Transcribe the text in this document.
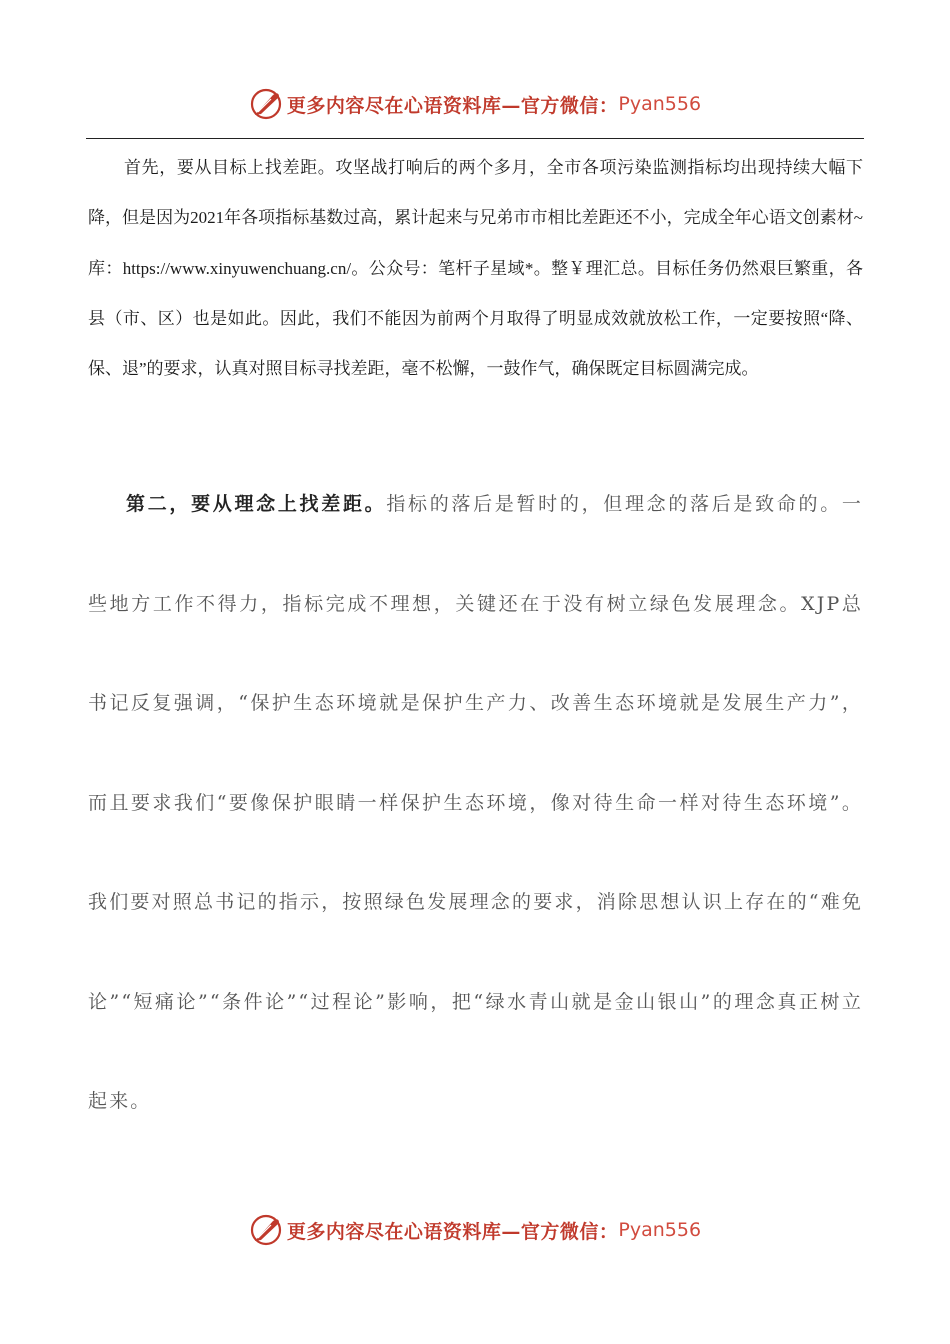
更多内容尽在心语资料库—官方微信： Pyan556

首先，要从目标上找差距。攻坚战打响后的两个多月，全市各项污染监测指标均出现持续大幅下降，但是因为2021年各项指标基数过高，累计起来与兄弟市市相比差距还不小，完成全年心语文创素材~库：https://www.xinyuwenchuang.cn/。公众号：笔杆子星域*。整￥理汇总。目标任务仍然艰巨繁重，各县（市、区）也是如此。因此，我们不能因为前两个月取得了明显成效就放松工作，一定要按照“降、保、退”的要求，认真对照目标寻找差距，毫不松懈，一鼓作气，确保既定目标圆满完成。

第二，要从理念上找差距。指标的落后是暂时的，但理念的落后是致命的。一些地方工作不得力，指标完成不理想，关键还在于没有树立绿色发展理念。XJP总书记反复强调，“保护生态环境就是保护生产力、改善生态环境就是发展生产力”，而且要求我们“要像保护眼睛一样保护生态环境，像对待生命一样对待生态环境”。我们要对照总书记的指示，按照绿色发展理念的要求，消除思想认识上存在的“难免论”“短痛论”“条件论”“过程论”影响，把“绿水青山就是金山银山”的理念真正树立起来。

更多内容尽在心语资料库—官方微信： Pyan556
